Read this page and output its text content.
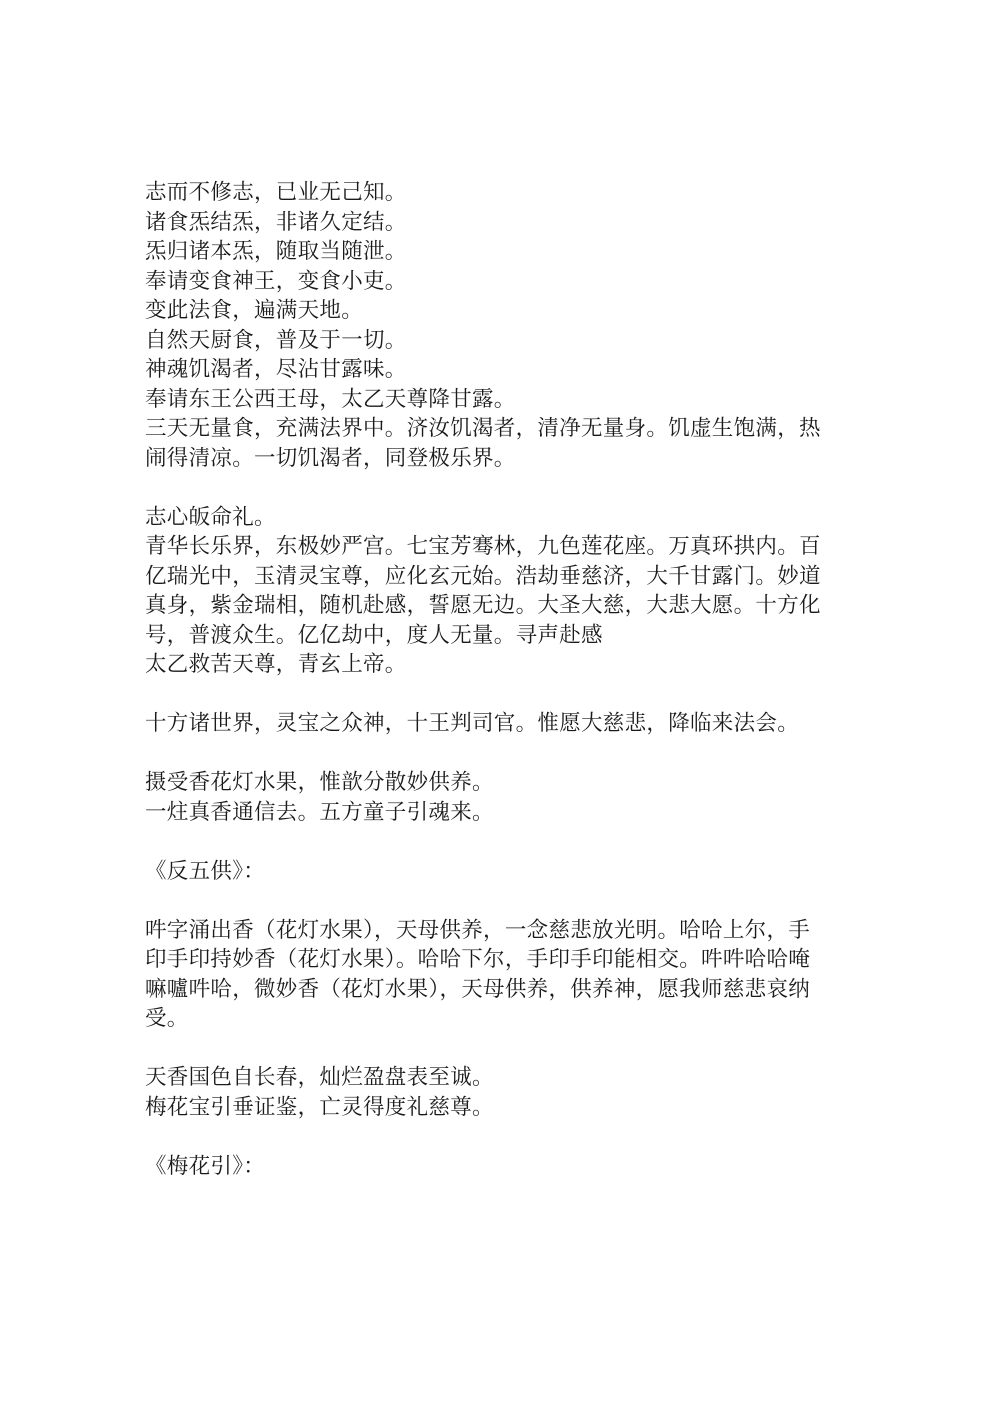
志而不修志，已业无己知。
诸食炁结炁，非诸久定结。
炁归诸本炁，随取当随泄。
奉请变食神王，变食小吏。
变此法食，遍满天地。
自然天厨食，普及于一切。
神魂饥渴者，尽沾甘露味。
奉请东王公西王母，太乙天尊降甘露。
三天无量食，充满法界中。济汝饥渴者，清净无量身。饥虚生饱满，热
闹得清凉。一切饥渴者，同登极乐界。
志心皈命礼。
青华长乐界，东极妙严宫。七宝芳骞林，九色莲花座。万真环拱内。百
亿瑞光中，玉清灵宝尊，应化玄元始。浩劫垂慈济，大千甘露门。妙道
真身，紫金瑞相，随机赴感，誓愿无边。大圣大慈，大悲大愿。十方化
号，普渡众生。亿亿劫中，度人无量。寻声赴感
太乙救苦天尊，青玄上帝。
十方诸世界，灵宝之众神，十王判司官。惟愿大慈悲，降临来法会。
摄受香花灯水果，惟歆分散妙供养。
一炷真香通信去。五方童子引魂来。
《反五供》：
吽字涌出香（花灯水果），天母供养，一念慈悲放光明。哈哈上尔，手
印手印持妙香（花灯水果）。哈哈下尔，手印手印能相交。吽吽哈哈唵
嘛嚧吽哈，微妙香（花灯水果），天母供养，供养神，愿我师慈悲哀纳
受。
天香国色自长春，灿烂盈盘表至诚。
梅花宝引垂证鉴，亡灵得度礼慈尊。
《梅花引》：
